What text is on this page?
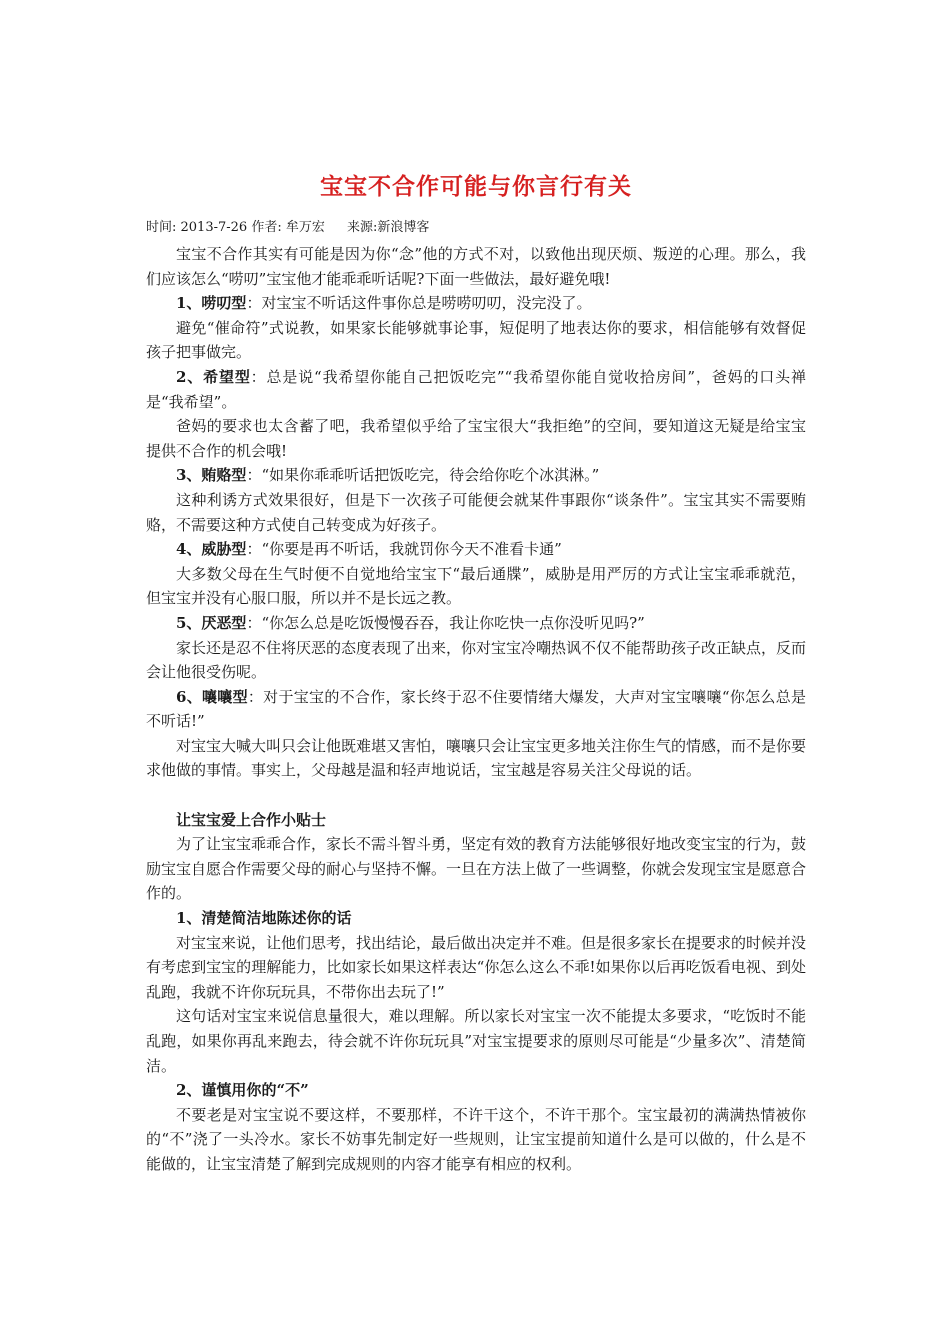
宝宝不合作可能与你言行有关
时间: 2013-7-26 作者: 牟万宏 来源:新浪博客

宝宝不合作其实有可能是因为你“念”他的方式不对，以致他出现厌烦、叛逆的心理。那么，我们应该怎么“唠叨”宝宝他才能乖乖听话呢?下面一些做法，最好避免哦!

1、唠叨型：对宝宝不听话这件事你总是唠唠叨叨，没完没了。

避免“催命符”式说教，如果家长能够就事论事，短促明了地表达你的要求，相信能够有效督促孩子把事做完。

2、希望型：总是说“我希望你能自己把饭吃完”“我希望你能自觉收拾房间”，爸妈的口头禅是“我希望”。

爸妈的要求也太含蓄了吧，我希望似乎给了宝宝很大“我拒绝”的空间，要知道这无疑是给宝宝提供不合作的机会哦!

3、贿赂型：“如果你乖乖听话把饭吃完，待会给你吃个冰淇淋。”

这种利诱方式效果很好，但是下一次孩子可能便会就某件事跟你“谈条件”。宝宝其实不需要贿赂，不需要这种方式使自己转变成为好孩子。

4、威胁型：“你要是再不听话，我就罚你今天不准看卡通”

大多数父母在生气时便不自觉地给宝宝下“最后通牒”，威胁是用严厉的方式让宝宝乖乖就范，但宝宝并没有心服口服，所以并不是长远之教。

5、厌恶型：“你怎么总是吃饭慢慢吞吞，我让你吃快一点你没听见吗?”

家长还是忍不住将厌恶的态度表现了出来，你对宝宝冷嘲热讽不仅不能帮助孩子改正缺点，反而会让他很受伤呢。

6、嚷嚷型：对于宝宝的不合作，家长终于忍不住要情绪大爆发，大声对宝宝嚷嚷“你怎么总是不听话!”

对宝宝大喊大叫只会让他既难堪又害怕，嚷嚷只会让宝宝更多地关注你生气的情感，而不是你要求他做的事情。事实上，父母越是温和轻声地说话，宝宝越是容易关注父母说的话。

让宝宝爱上合作小贴士

为了让宝宝乖乖合作，家长不需斗智斗勇，坚定有效的教育方法能够很好地改变宝宝的行为，鼓励宝宝自愿合作需要父母的耐心与坚持不懈。一旦在方法上做了一些调整，你就会发现宝宝是愿意合作的。

1、清楚简洁地陈述你的话

对宝宝来说，让他们思考，找出结论，最后做出决定并不难。但是很多家长在提要求的时候并没有考虑到宝宝的理解能力，比如家长如果这样表达“你怎么这么不乖!如果你以后再吃饭看电视、到处乱跑，我就不许你玩玩具，不带你出去玩了!”

这句话对宝宝来说信息量很大，难以理解。所以家长对宝宝一次不能提太多要求，“吃饭时不能乱跑，如果你再乱来跑去，待会就不许你玩玩具”对宝宝提要求的原则尽可能是“少量多次”、清楚简洁。

2、谨慎用你的“不”

不要老是对宝宝说不要这样，不要那样，不许干这个，不许干那个。宝宝最初的满满热情被你的“不”浇了一头冷水。家长不妨事先制定好一些规则，让宝宝提前知道什么是可以做的，什么是不能做的，让宝宝清楚了解到完成规则的内容才能享有相应的权利。
